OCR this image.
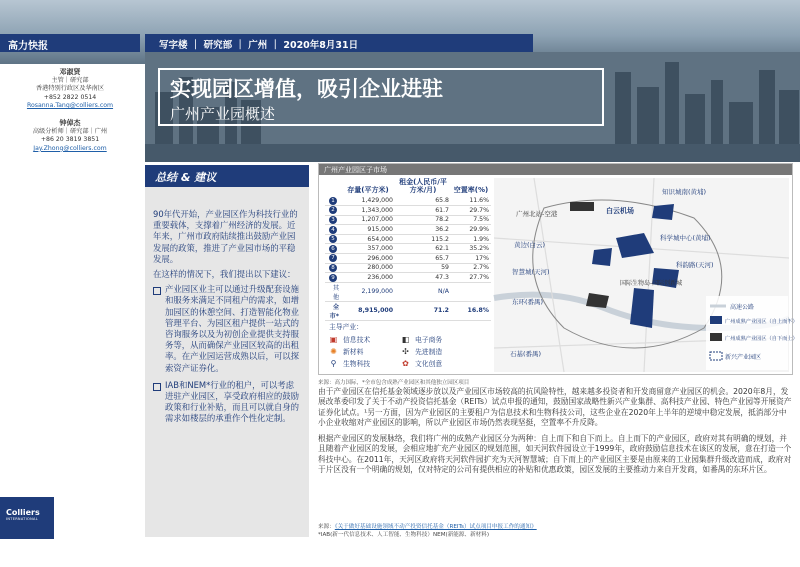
高力快报	写字楼 ｜ 研究部 ｜ 广州 ｜ 2020年8月31日
实现园区增值，吸引企业进驻
广州产业园概述
邓淑贤
主管｜研究部
香港特别行政区及华南区
+852 2822 0514
Rosanna.Tang@colliers.com
钟倬杰
高级分析师｜研究部｜广州
+86 20 3819 3851
Jay.Zhong@colliers.com
总结 & 建议

90年代开始，产业园区作为科技行业的重要载体，支撑着广州经济的发展。近年来，广州市政府陆续推出鼓励产业园发展的政策，推进了产业园市场的平稳发展。

在这样的情况下，我们提出以下建议：

产业园区业主可以通过升级配套设施和服务来满足不同租户的需求，如增加园区的休憩空间、打造智能化物业管理平台、为园区租户提供一站式的咨询服务以及为初创企业提供支持服务等，从而确保产业园区较高的出租率。在产业园运营成熟以后，可以探索资产证券化。
IAB和NEM*行业的租户，可以考虑进驻产业园区，享受政府相应的鼓励政策和行业补贴，而且可以就自身的需求如楼层的承重作个性化定制。
Colliers
INTERNATIONAL
广州产业园区子市场
	存量(平方米)	租金(人民币/平方米/月)	空置率(%)
1	1,429,000	65.8	11.6%
2	1,343,000	61.7	29.7%
3	1,207,000	78.2	7.5%
4	915,000	36.2	29.9%
5	654,000	115.2	1.9%
6	357,000	62.1	35.2%
7	296,000	65.7	17%
8	280,000	59	2.7%
9	236,000	47.3	27.7%
其他	2,199,000	N/A	
全市*	8,915,000	71.2	16.8%
主导产业：
▣ 信息技术	◧ 电子商务
✺ 新材料	✣ 先进制造
⚲ 生物科技	✿ 文化创意
广州北站-空港	白云机场
黄边(白云)
智慧城(天河)
东环(番禺)
石基(番禺)
知识城南(黄埔)
科学城中心(黄埔)
科韵路(天河)
国际生物岛-国际创新城
高速公路
广州成熟产业园区（自上而下）
广州成熟产业园区（自下而上）
新兴产业园区
来源：高力国际，*全市包含成熟产业园区和其他独立园区项目

由于产业园区在信托基金领域逐步放以及产业园区市场较高的抗风险特性，越来越多投资者和开发商留意产业园区的机会。2020年8月，发展改革委印发了关于不动产投资信托基金（REITs）试点申报的通知，鼓励国家战略性新兴产业集群、高科技产业园、特色产业园等开展资产证券化试点。¹另一方面，因为产业园区的主要租户为信息技术和生物科技公司，这些企业在2020年上半年的逆境中稳定发展，抵消部分中小企业收缩对产业园区的影响，所以产业园区市场仍然表现坚挺，空置率不升反降。

根据产业园区的发展脉络，我们将广州的成熟产业园区分为两种：自上而下和自下而上。自上而下的产业园区，政府对其有明确的规划，并且随着产业园区的发展，会相应地扩充产业园区的规划范围，如天河软件园设立于1999年，政府鼓励信息技术在该区的发展，意在打造一个科技中心。在2011年，天河区政府将天河软件园扩充为天河智慧城；自下而上的产业园区主要是由原来的工业园集群升级改造而成，政府对于片区没有一个明确的规划，仅对特定的公司有提供相应的补贴和优惠政策，园区发展的主要推动力来自开发商，如番禺的东环片区。

来源：《关于做好基础设施领域不动产投资信托基金（REITs）试点项目申报工作的通知》
*IAB(新一代信息技术、人工智能、生物科技）NEM(新能源、新材料)
